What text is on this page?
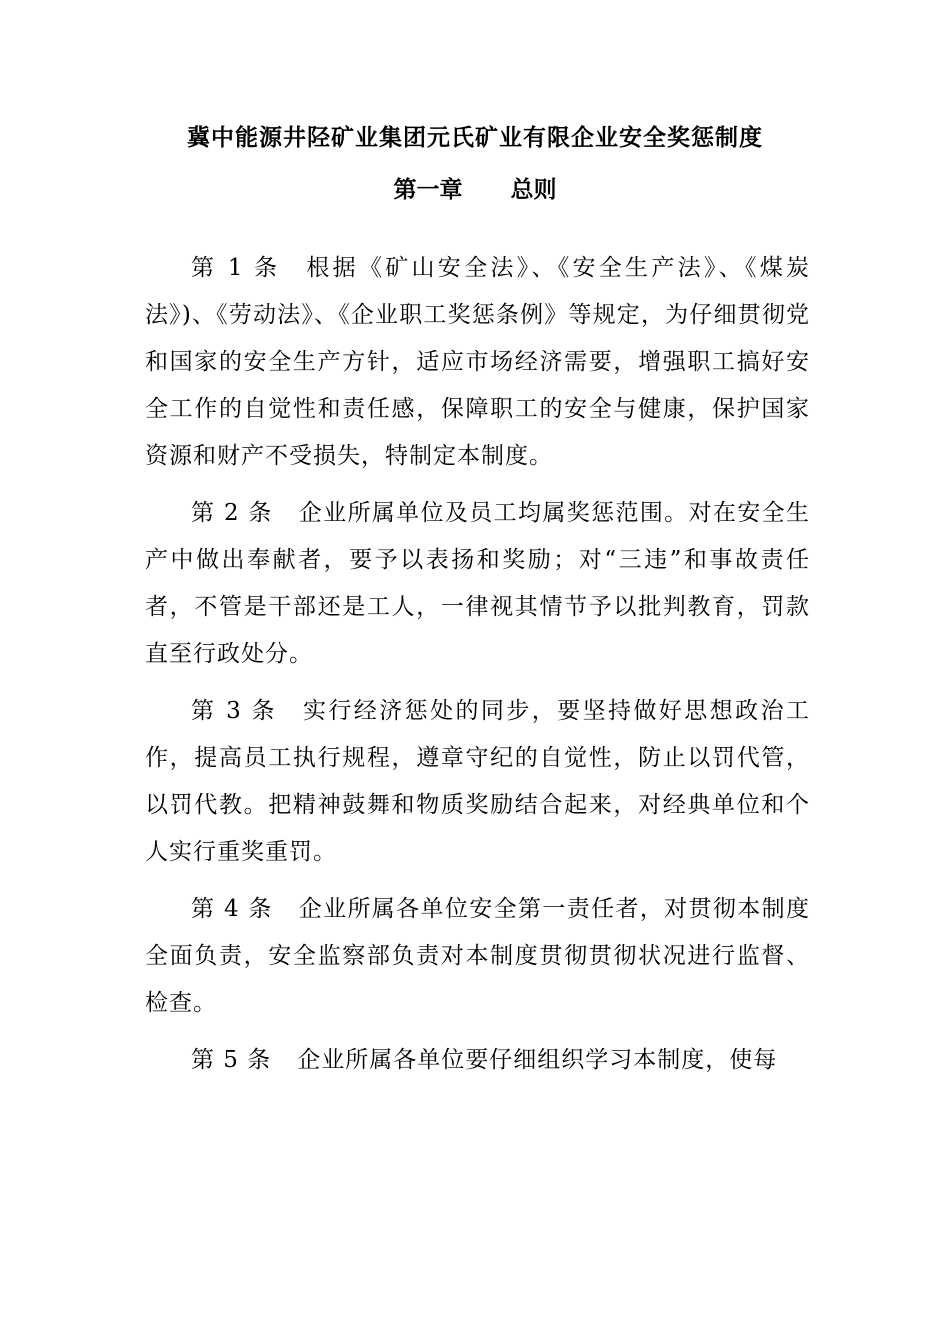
冀中能源井陉矿业集团元氏矿业有限企业安全奖惩制度
第一章 总则

第 1 条 根据《矿山安全法》、《安全生产法》、《煤炭法》)、《劳动法》、《企业职工奖惩条例》等规定，为仔细贯彻党和国家的安全生产方针，适应市场经济需要，增强职工搞好安全工作的自觉性和责任感，保障职工的安全与健康，保护国家资源和财产不受损失，特制定本制度。

第 2 条 企业所属单位及员工均属奖惩范围。对在安全生产中做出奉献者，要予以表扬和奖励；对“三违”和事故责任者，不管是干部还是工人，一律视其情节予以批判教育，罚款直至行政处分。

第 3 条 实行经济惩处的同步，要坚持做好思想政治工作，提高员工执行规程，遵章守纪的自觉性，防止以罚代管，以罚代教。把精神鼓舞和物质奖励结合起来，对经典单位和个人实行重奖重罚。

第 4 条 企业所属各单位安全第一责任者，对贯彻本制度全面负责，安全监察部负责对本制度贯彻贯彻状况进行监督、检查。

第 5 条 企业所属各单位要仔细组织学习本制度，使每
